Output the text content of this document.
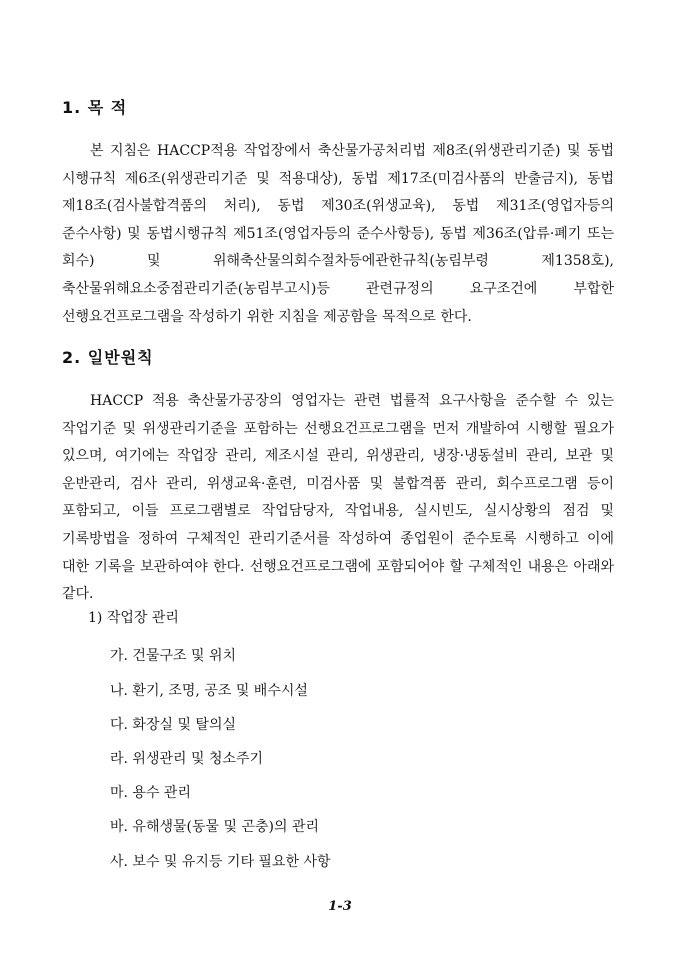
1. 목 적

본 지침은 HACCP적용 작업장에서 축산물가공처리법 제8조(위생관리기준) 및 동법 시행규칙 제6조(위생관리기준 및 적용대상), 동법 제17조(미검사품의 반출금지), 동법 제18조(검사불합격품의 처리), 동법 제30조(위생교육), 동법 제31조(영업자등의 준수사항) 및 동법시행규칙 제51조(영업자등의 준수사항등), 동법 제36조(압류·폐기 또는 회수) 및 위해축산물의회수절차등에관한규칙(농림부령 제1358호), 축산물위해요소중점관리기준(농림부고시)등 관련규정의 요구조건에 부합한 선행요건프로그램을 작성하기 위한 지침을 제공함을 목적으로 한다.

2. 일반원칙

HACCP 적용 축산물가공장의 영업자는 관련 법률적 요구사항을 준수할 수 있는 작업기준 및 위생관리기준을 포함하는 선행요건프로그램을 먼저 개발하여 시행할 필요가 있으며, 여기에는 작업장 관리, 제조시설 관리, 위생관리, 냉장·냉동설비 관리, 보관 및 운반관리, 검사 관리, 위생교육·훈련, 미검사품 및 불합격품 관리, 회수프로그램 등이 포함되고, 이들 프로그램별로 작업담당자, 작업내용, 실시빈도, 실시상황의 점검 및 기록방법을 정하여 구체적인 관리기준서를 작성하여 종업원이 준수토록 시행하고 이에 대한 기록을 보관하여야 한다. 선행요건프로그램에 포함되어야 할 구체적인 내용은 아래와 같다.

1) 작업장 관리
가. 건물구조 및 위치
나. 환기, 조명, 공조 및 배수시설
다. 화장실 및 탈의실
라. 위생관리 및 청소주기
마. 용수 관리
바. 유해생물(동물 및 곤충)의 관리
사. 보수 및 유지등 기타 필요한 사항
1-3
